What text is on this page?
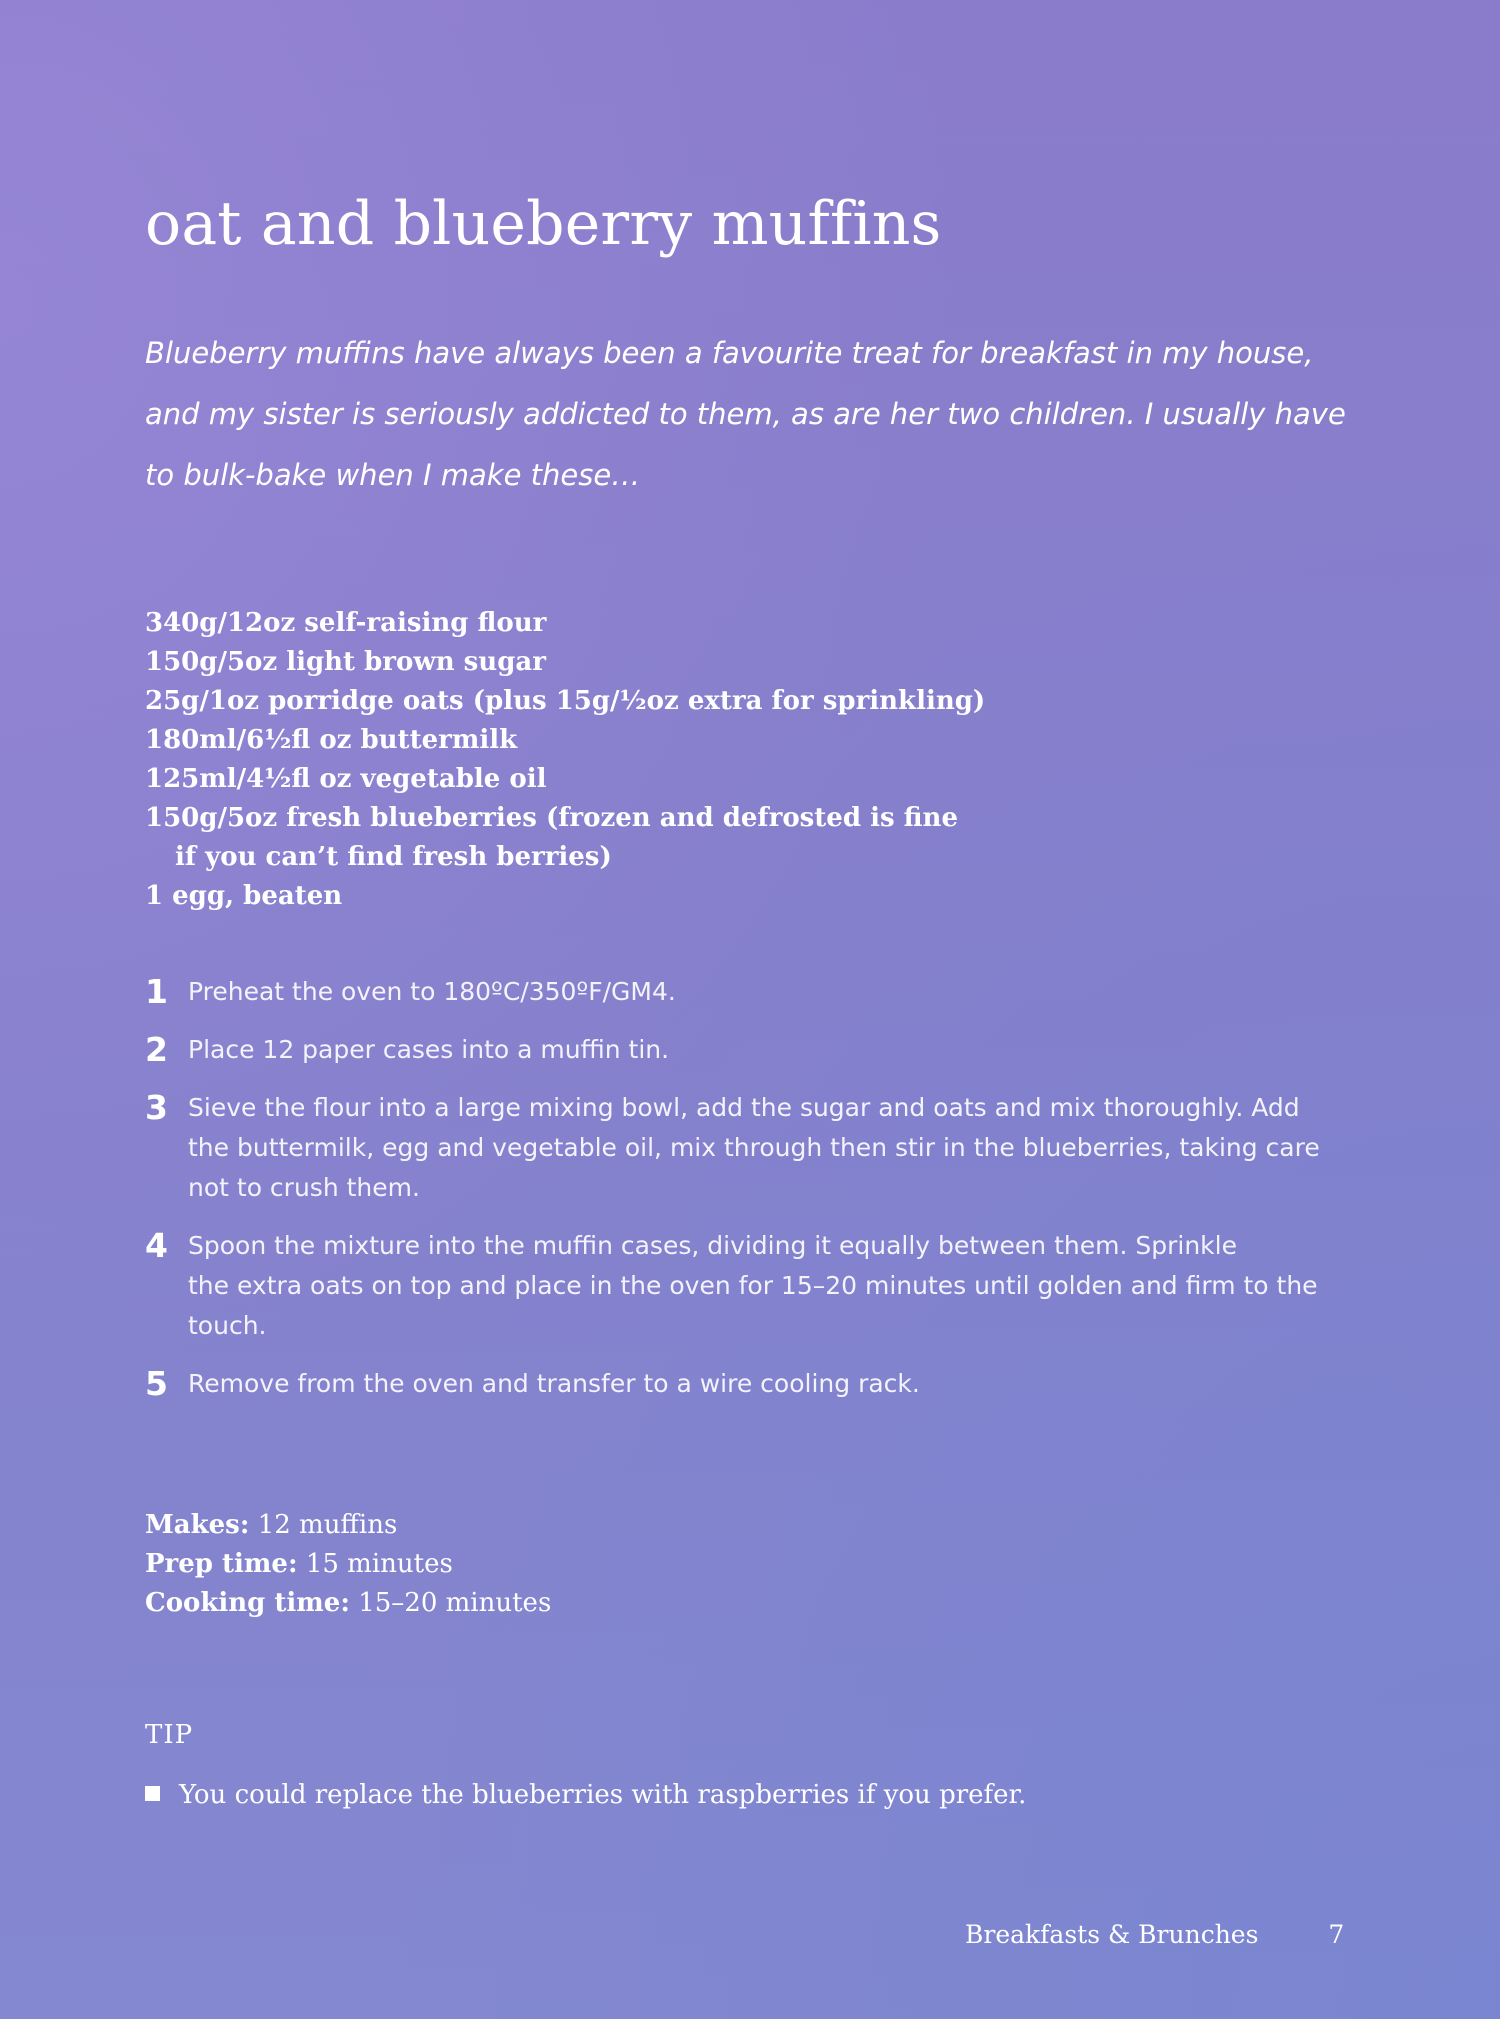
oat and blueberry muffins

Blueberry muffins have always been a favourite treat for breakfast in my house,
and my sister is seriously addicted to them, as are her two children. I usually have
to bulk-bake when I make these…

340g/12oz self-raising flour
150g/5oz light brown sugar
25g/1oz porridge oats (plus 15g/½oz extra for sprinkling)
180ml/6½fl oz buttermilk
125ml/4½fl oz vegetable oil
150g/5oz fresh blueberries (frozen and defrosted is fine
if you can’t find fresh berries)
1 egg, beaten
1 Preheat the oven to 180ºC/350ºF/GM4.
2 Place 12 paper cases into a muffin tin.
3 Sieve the flour into a large mixing bowl, add the sugar and oats and mix thoroughly. Add
the buttermilk, egg and vegetable oil, mix through then stir in the blueberries, taking care
not to crush them.
4 Spoon the mixture into the muffin cases, dividing it equally between them. Sprinkle
the extra oats on top and place in the oven for 15–20 minutes until golden and firm to the
touch.
5 Remove from the oven and transfer to a wire cooling rack.
Makes: 12 muffins
Prep time: 15 minutes
Cooking time: 15–20 minutes
TIP
You could replace the blueberries with raspberries if you prefer.
Breakfasts & Brunches	7
